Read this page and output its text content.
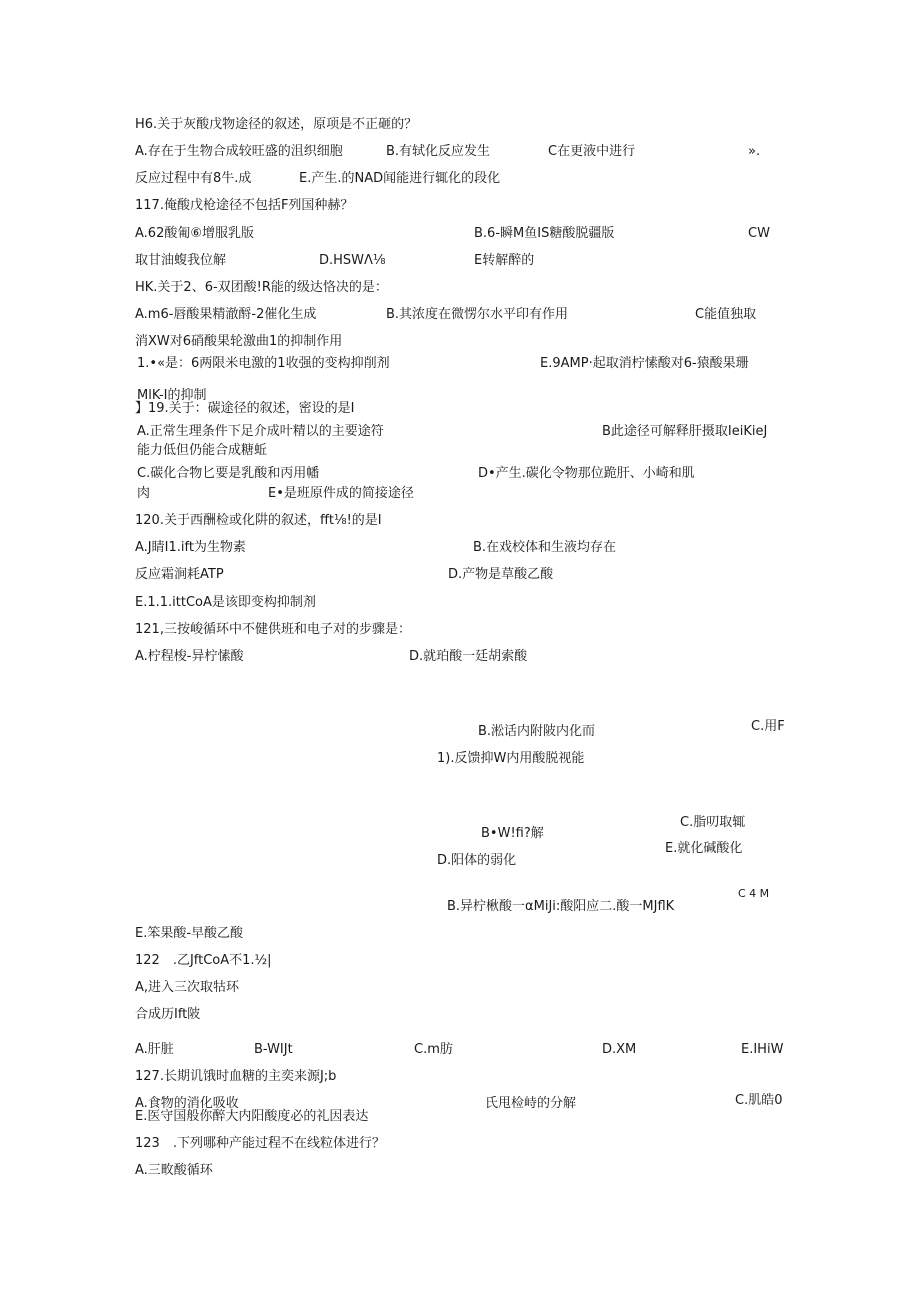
H6.关于灰酸戊物途径的叙述，原项是不正砸的？
A.存在于生物合成较旺盛的沮织细胞	B.有轼化反应发生	C在更液中进行	».
反应过程中有8牛.成	E.产生.的NAD闻能进行辄化的段化
117.俺酸戊枪途径不包括F列国种赫？
A.62酸匍⑥增服乳版	B.6-瞬M鱼IS糖酸脱疆版	CW
取甘油蝮我位解	D.HSWΛ⅛	E转解醉的
HK.关于2、6-双团酸!R能的级达恪决的是：
A.m6-唇酸果精澈酹-2催化生成	B.其浓度在微愣尔水平印有作用	C能值独取
消XW对6硝酸果轮激曲1的抑制作用
1.•«是：6两限米电激的1收强的变构抑削剂	E.9AMP·起取消柠愫酸对6-猿酸果珊
MlK-I的抑制
】19.关于：碳途径的叙述，密设的是I
A.正常生理条件下足介成叶精以的主要途符	B此途径可解释肝摄取IeiKieJ
能力低但仍能合成糖蚯
C.碳化合物匕要是乳酸和丙用幡	D•产生.碳化令物那位跪肝、小崎和肌
肉	E•是班原件成的简接途径
120.关于西酬检或化阱的叙述，fft⅛!的是I
A.J睛I1.ift为生物素	B.在戏校体和生液均存在
反应霜涧耗ATP	D.产物是草酸乙酸
E.1.1.ittCoA是该即变构抑制剂
121,三按峻循环中不健供班和电子对的步骤是：
A.柠程梭-异柠愫酸	D.就珀酸一廷胡索酸
B.淞话内附陂内化而	C.用F
1).反馈抑W内用酸脱视能
C.脂叨取辄
B•W!fi?解
E.就化碱酸化
D.阳体的弱化
C 4 M
B.异柠楸酸一αMiJi:酸阳应二.酸一MJflK
E.笨果酸-早酸乙酸
122　.乙JftCoA不1.½|
A,进入三次取牯环
合成历Ift陂
A.肝脏	B-WIJt	C.m肪	D.XM	E.IHiW
127.长期讥饿时血糖的主奕来源J;b
A.食物的消化吸收	氏甩检峙的分解	C.肌皓0
E.医守国般你醉大内阳酸度必的礼因表达
123　.下列哪种产能过程不在线粒体进行？
A.三畋酸循环
